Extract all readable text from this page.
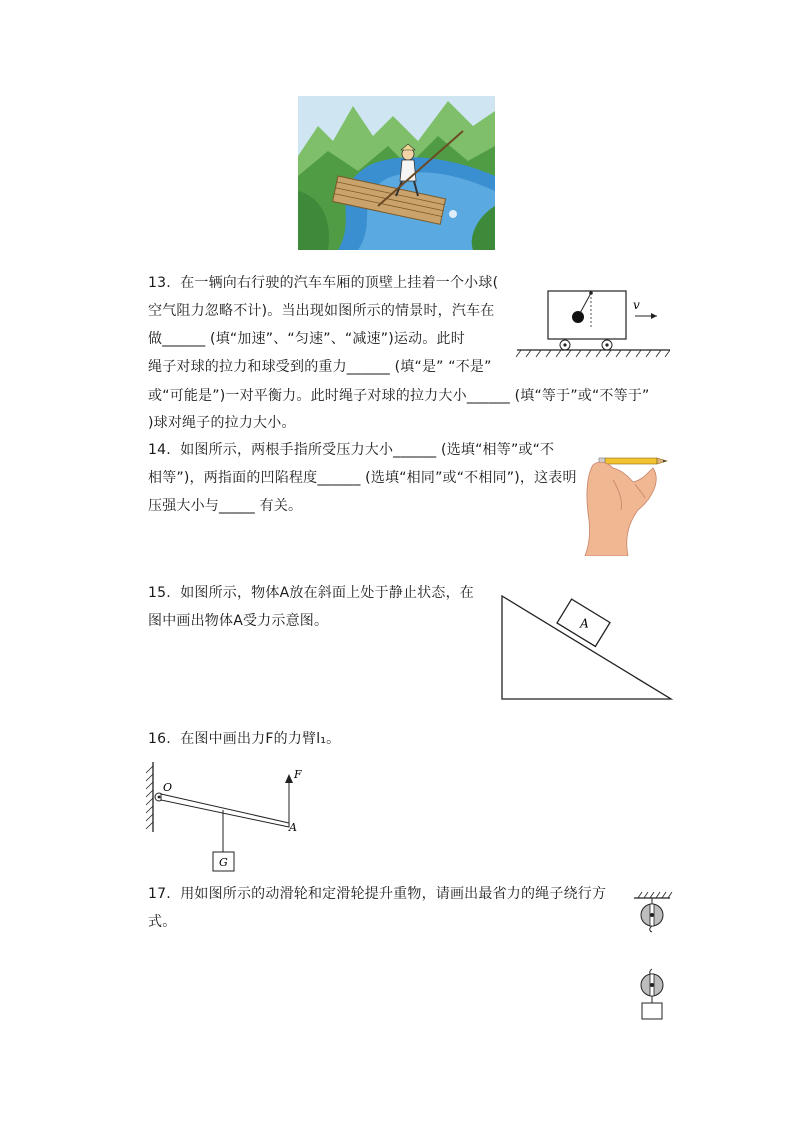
13. 在一辆向右行驶的汽车车厢的顶壁上挂着一个小球(
空气阻力忽略不计)。当出现如图所示的情景时，汽车在
做______ (填“加速”、“匀速”、“减速”)运动。此时
绳子对球的拉力和球受到的重力______ (填“是” “不是”
或“可能是”)一对平衡力。此时绳子对球的拉力大小______ (填“等于”或“不等于”
)球对绳子的拉力大小。
v
14. 如图所示，两根手指所受压力大小______ (选填“相等”或“不
相等”)，两指面的凹陷程度______ (选填“相同”或“不相同”)，这表明
压强大小与_____ 有关。
15. 如图所示，物体A放在斜面上处于静止状态，在
图中画出物体A受力示意图。	A
16. 在图中画出力F的力臂l₁。
G
F
A
O
17. 用如图所示的动滑轮和定滑轮提升重物，请画出最省力的绳子绕行方
式。
